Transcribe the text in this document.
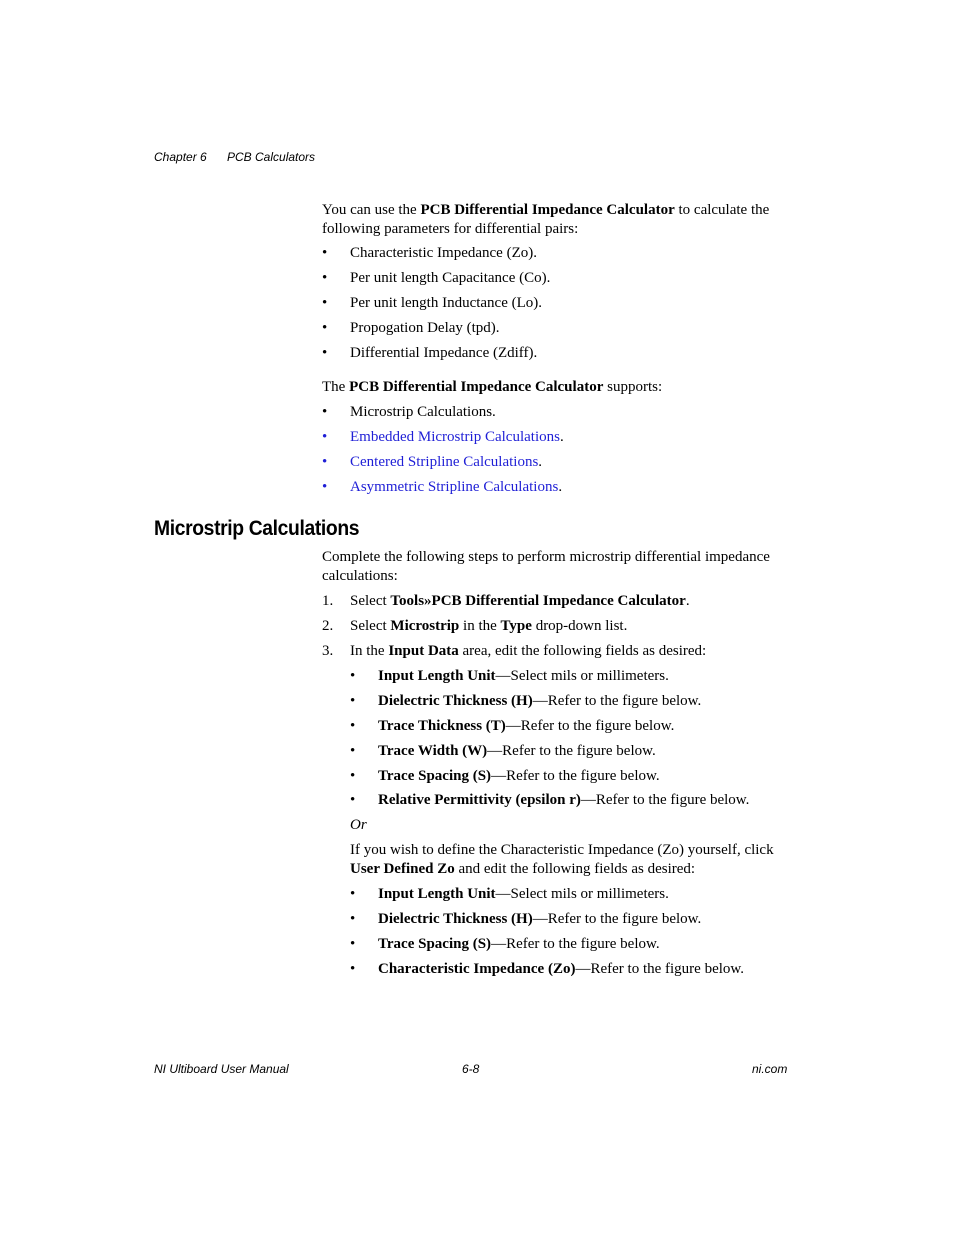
Chapter 6 PCB Calculators
You can use the PCB Differential Impedance Calculator to calculate the
following parameters for differential pairs:
• Characteristic Impedance (Zo).
• Per unit length Capacitance (Co).
• Per unit length Inductance (Lo).
• Propogation Delay (tpd).
• Differential Impedance (Zdiff).
The PCB Differential Impedance Calculator supports:
• Microstrip Calculations.
• Embedded Microstrip Calculations.
• Centered Stripline Calculations.
• Asymmetric Stripline Calculations.
Microstrip Calculations
Complete the following steps to perform microstrip differential impedance
calculations:
1. Select Tools»PCB Differential Impedance Calculator.
2. Select Microstrip in the Type drop-down list.
3. In the Input Data area, edit the following fields as desired:
• Input Length Unit—Select mils or millimeters.
• Dielectric Thickness (H)—Refer to the figure below.
• Trace Thickness (T)—Refer to the figure below.
• Trace Width (W)—Refer to the figure below.
• Trace Spacing (S)—Refer to the figure below.
• Relative Permittivity (epsilon r)—Refer to the figure below.
Or
If you wish to define the Characteristic Impedance (Zo) yourself, click
User Defined Zo and edit the following fields as desired:
• Input Length Unit—Select mils or millimeters.
• Dielectric Thickness (H)—Refer to the figure below.
• Trace Spacing (S)—Refer to the figure below.
• Characteristic Impedance (Zo)—Refer to the figure below.
NI Ultiboard User Manual	6-8	ni.com
